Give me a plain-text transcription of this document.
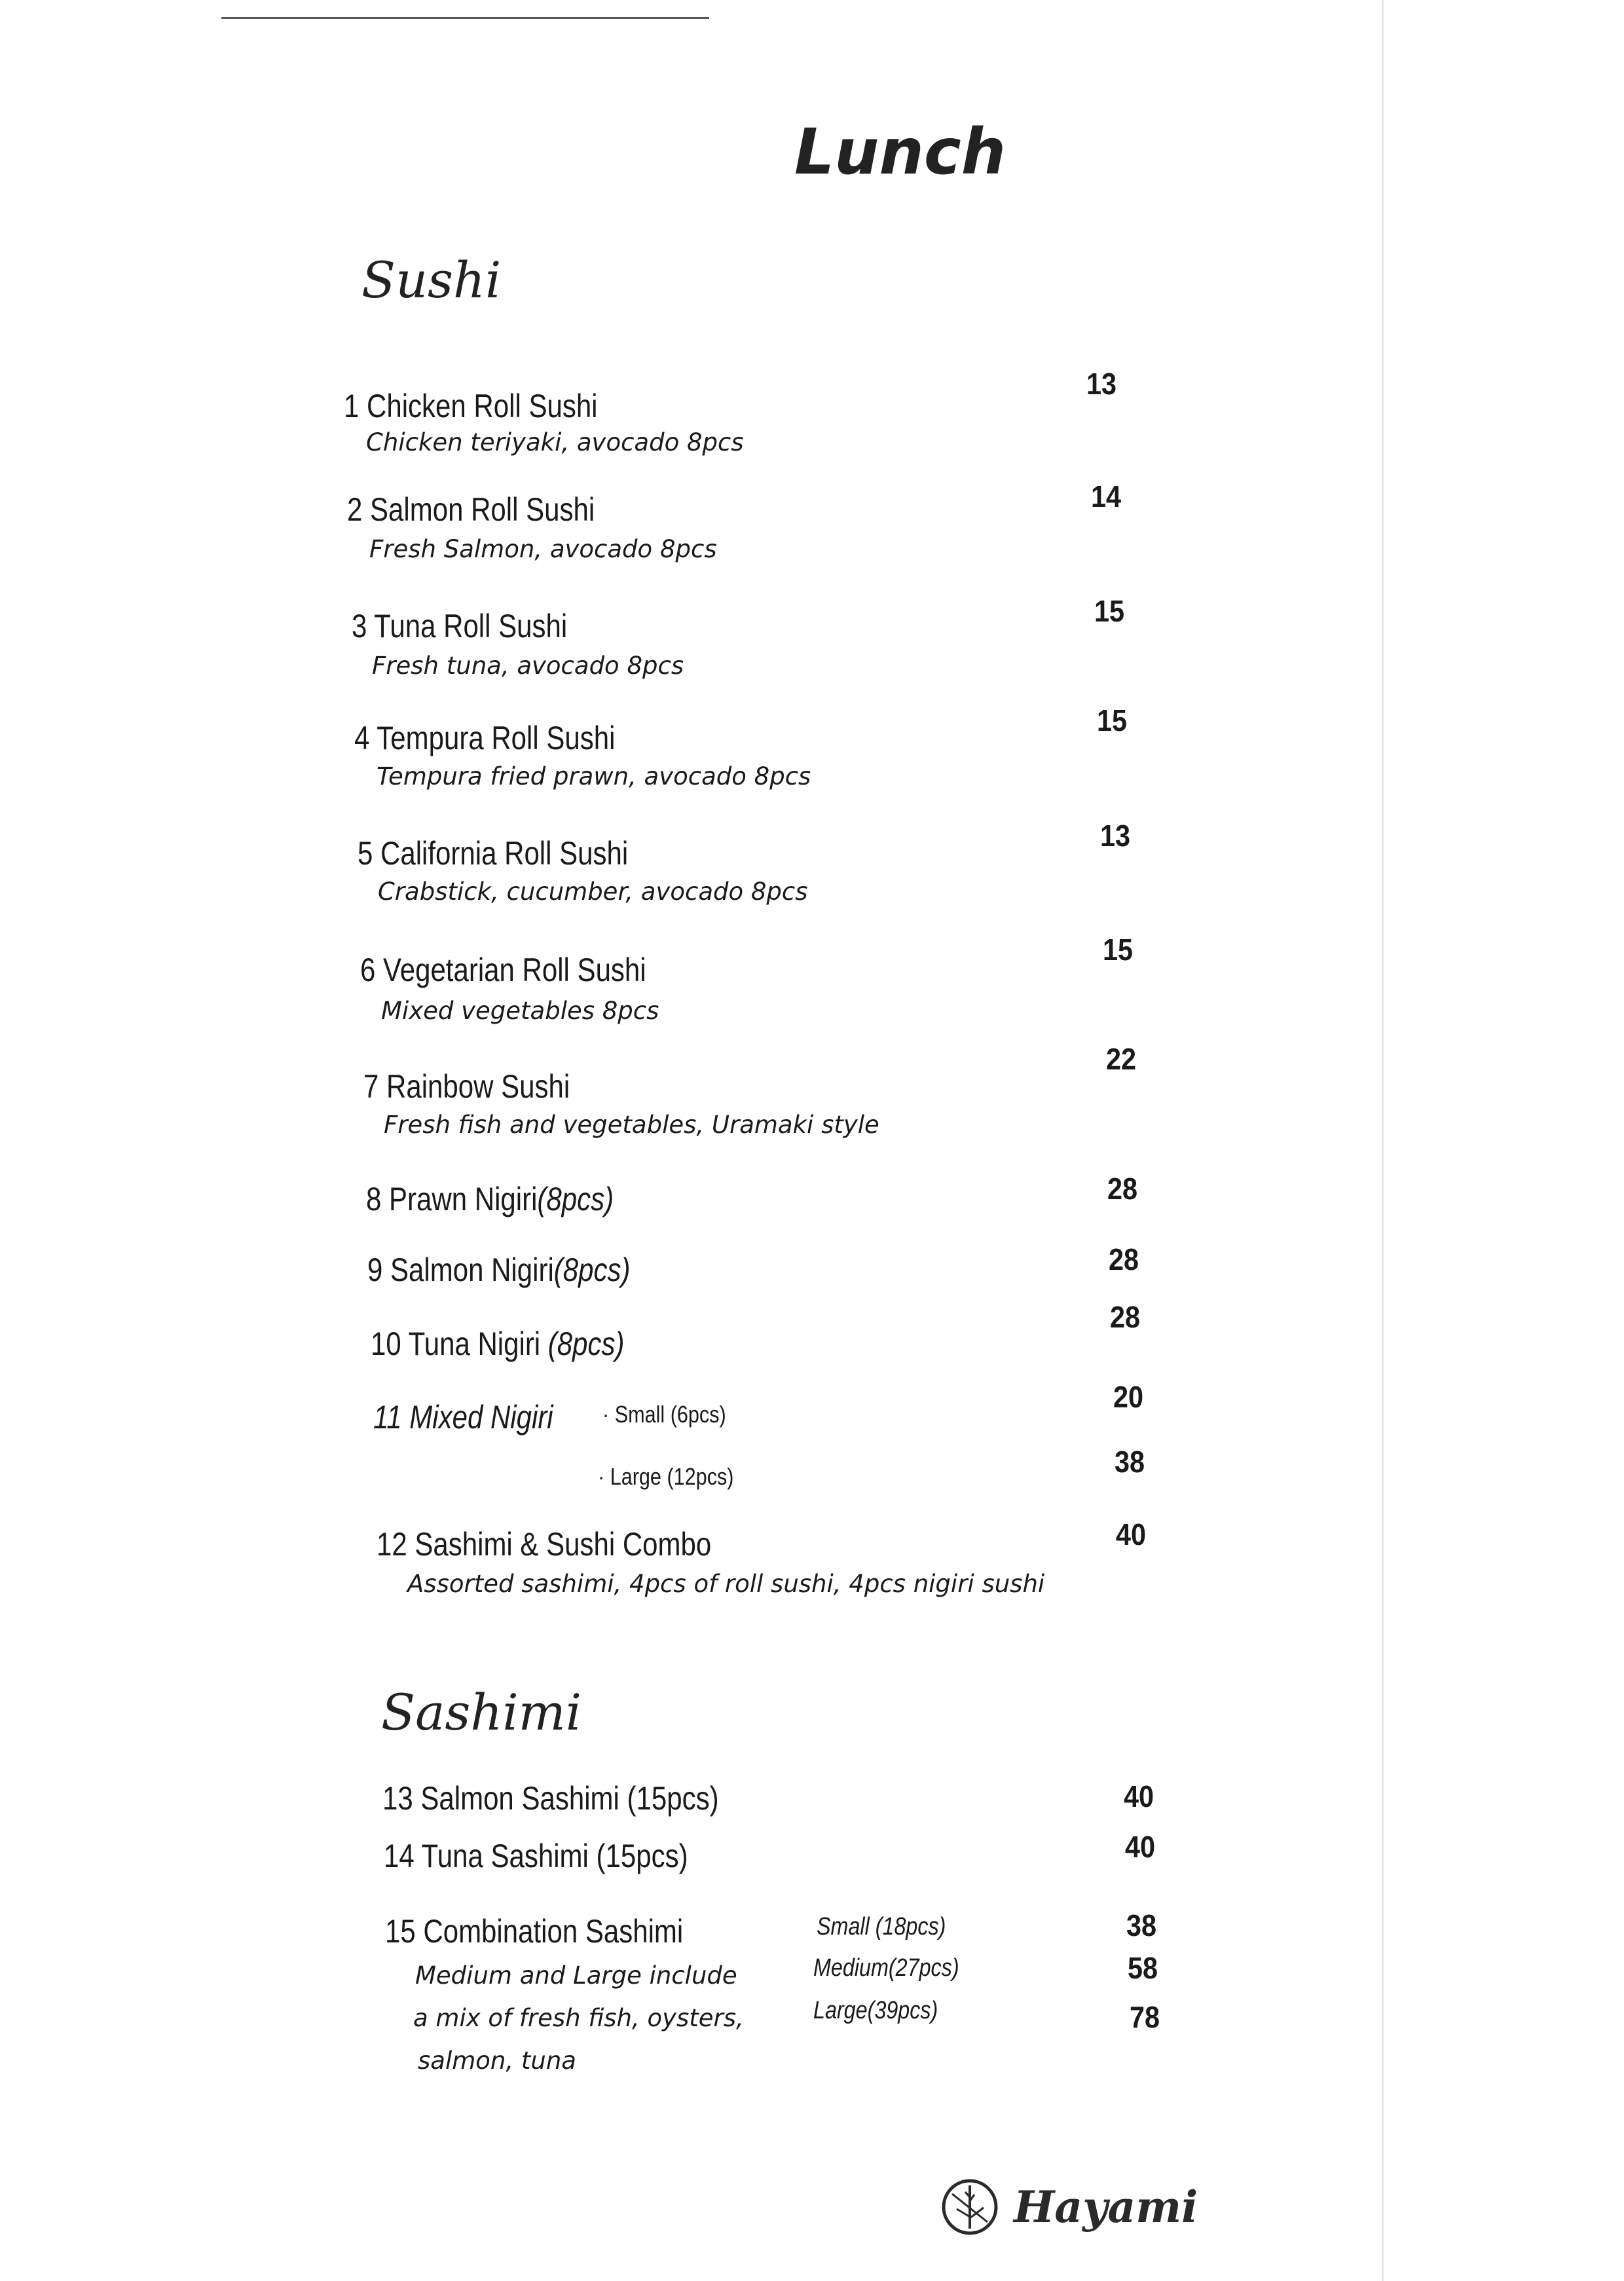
Lunch
Sushi
Sashimi
1 Chicken Roll Sushi
Chicken teriyaki, avocado 8pcs
13
2 Salmon Roll Sushi
Fresh Salmon, avocado 8pcs
14
3 Tuna Roll Sushi
Fresh tuna, avocado 8pcs
15
4 Tempura Roll Sushi
Tempura fried prawn, avocado 8pcs
15
5 California Roll Sushi
Crabstick, cucumber, avocado 8pcs
13
6 Vegetarian Roll Sushi
Mixed vegetables 8pcs
15
7 Rainbow Sushi
Fresh fish and vegetables, Uramaki style
22
8 Prawn Nigiri(8pcs)	28
9 Salmon Nigiri(8pcs)	28
10 Tuna Nigiri (8pcs)
28
11 Mixed Nigiri · Small (6pcs)
20
· Large (12pcs)	38
12 Sashimi & Sushi Combo
Assorted sashimi, 4pcs of roll sushi, 4pcs nigiri sushi
40
13 Salmon Sashimi (15pcs)	40
14 Tuna Sashimi (15pcs)	40
15 Combination Sashimi
Medium and Large include
a mix of fresh fish, oysters,
salmon, tuna
Small (18pcs)	38
Medium(27pcs)	58
Large(39pcs)	78
Hayami
